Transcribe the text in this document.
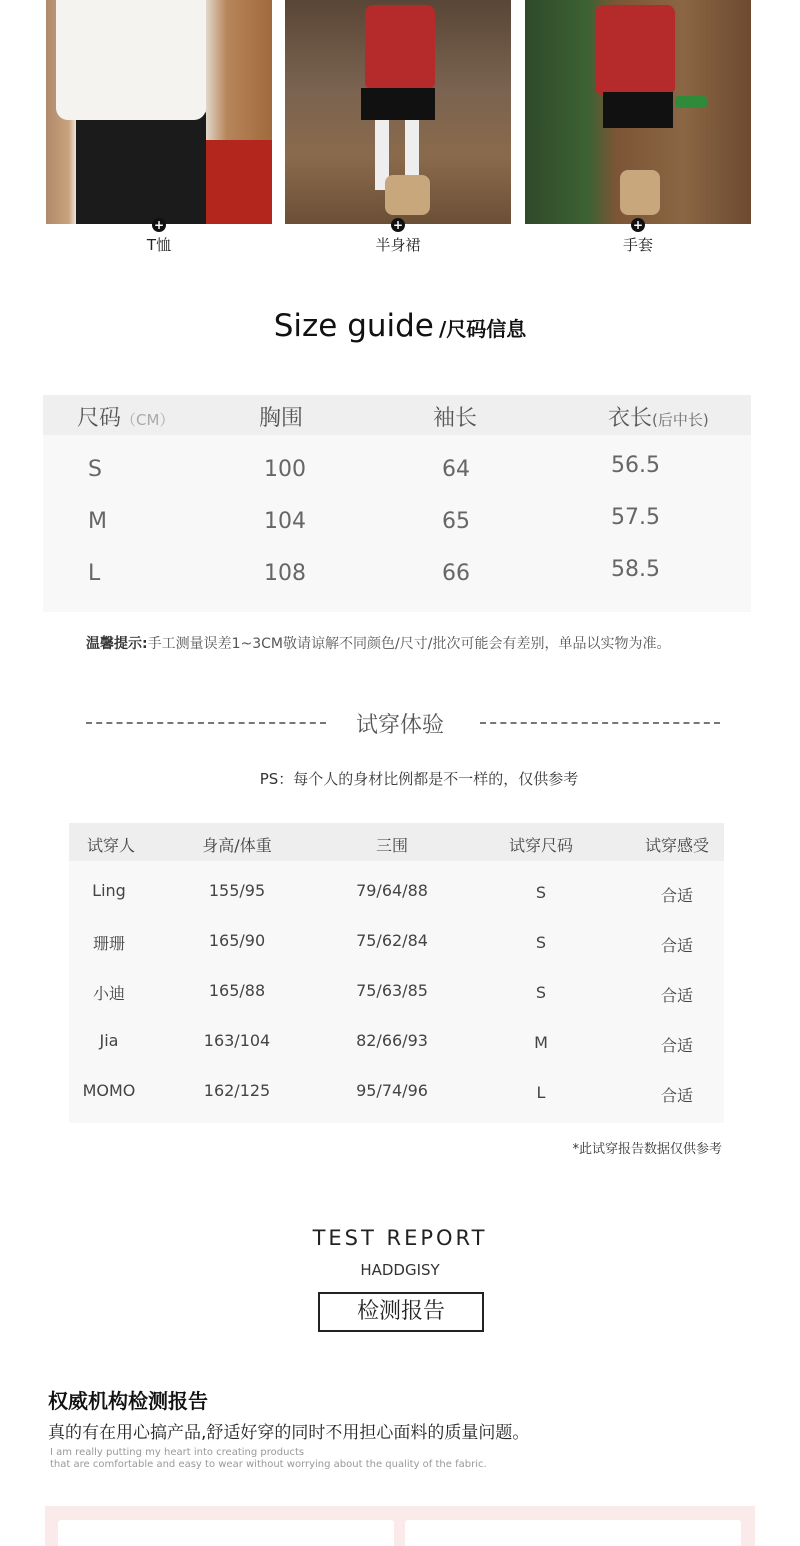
+	+	+
T恤	半身裙	手套
Size guide /尺码信息
尺码（CM）	胸围	袖长	衣长(后中长)
S	100	64	56.5
M	104	65	57.5
L	108	66	58.5
温馨提示:手工测量误差1~3CM敬请谅解不同颜色/尺寸/批次可能会有差别，单品以实物为准。
试穿体验
PS：每个人的身材比例都是不一样的，仅供参考
试穿人	身高/体重	三围	试穿尺码	试穿感受
Ling	155/95	79/64/88	S	合适
珊珊	165/90	75/62/84	S	合适
小迪	165/88	75/63/85	S	合适
Jia	163/104	82/66/93	M	合适
MOMO	162/125	95/74/96	L	合适
*此试穿报告数据仅供参考
TEST REPORT
HADDGISY
检测报告
权威机构检测报告
真的有在用心搞产品,舒适好穿的同时不用担心面料的质量问题。
I am really putting my heart into creating products
that are comfortable and easy to wear without worrying about the quality of the fabric.
